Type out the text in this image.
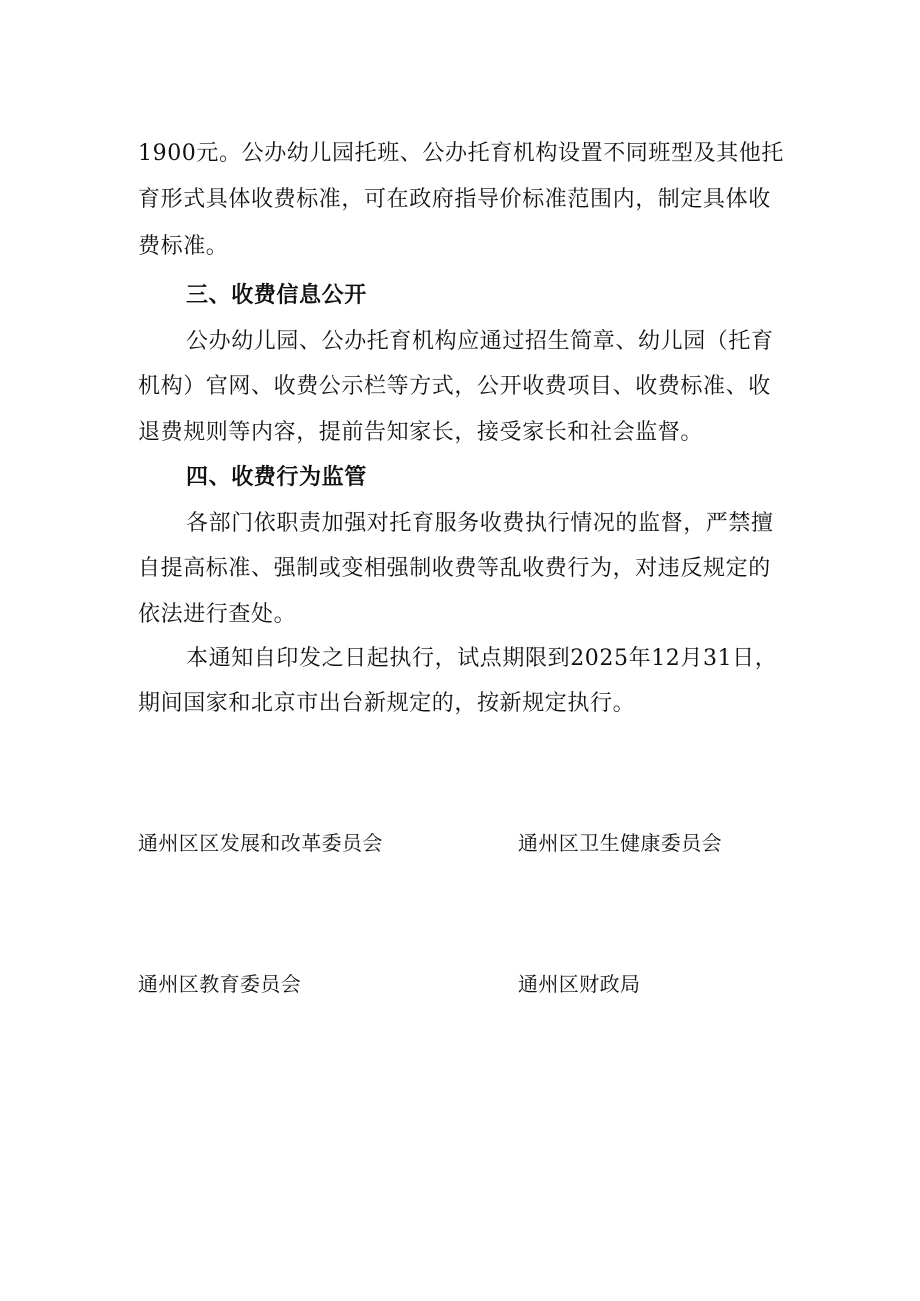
1900元。公办幼儿园托班、公办托育机构设置不同班型及其他托
育形式具体收费标准，可在政府指导价标准范围内，制定具体收
费标准。
三、收费信息公开
公办幼儿园、公办托育机构应通过招生简章、幼儿园（托育
机构）官网、收费公示栏等方式，公开收费项目、收费标准、收
退费规则等内容，提前告知家长，接受家长和社会监督。
四、收费行为监管
各部门依职责加强对托育服务收费执行情况的监督，严禁擅
自提高标准、强制或变相强制收费等乱收费行为，对违反规定的
依法进行查处。
本通知自印发之日起执行，试点期限到2025年12月31日，
期间国家和北京市出台新规定的，按新规定执行。
通州区区发展和改革委员会	通州区卫生健康委员会
通州区教育委员会	通州区财政局
